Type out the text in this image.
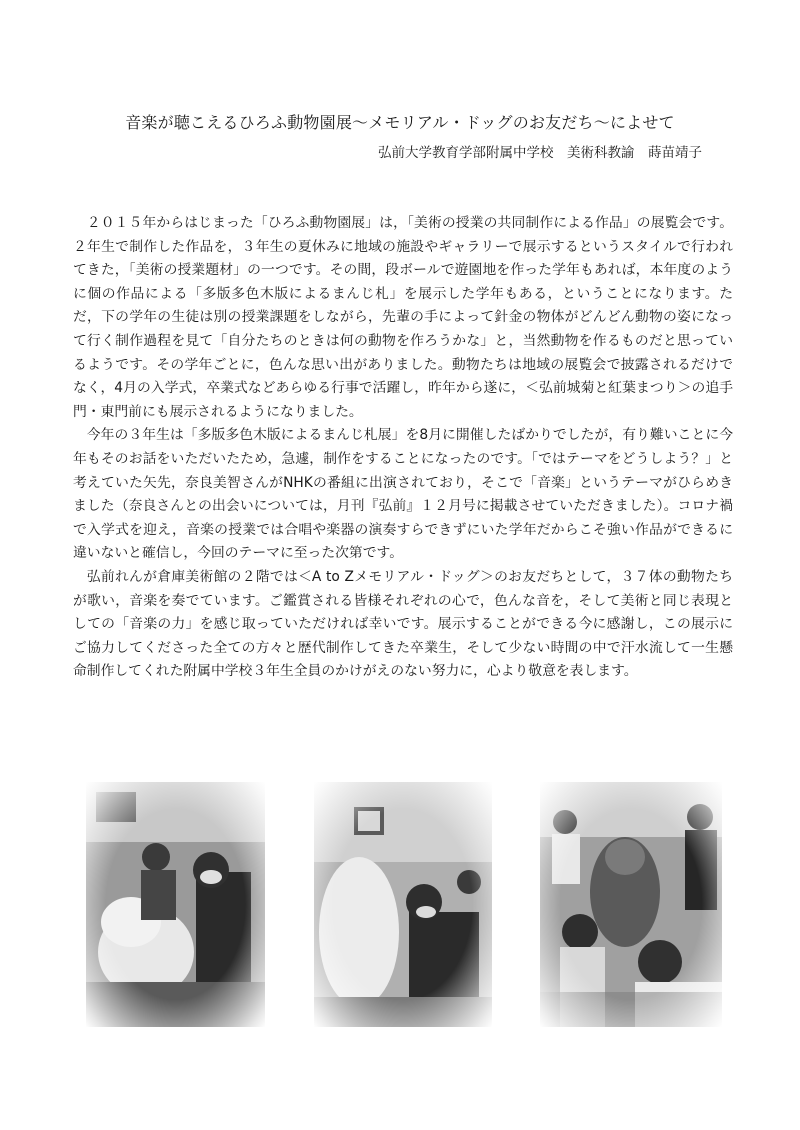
音楽が聴こえるひろふ動物園展〜メモリアル・ドッグのお友だち〜によせて
弘前大学教育学部附属中学校　美術科教諭　蒔苗靖子

２０１５年からはじまった「ひろふ動物園展」は，「美術の授業の共同制作による作品」の展覧会です。２年生で制作した作品を，３年生の夏休みに地域の施設やギャラリーで展示するというスタイルで行われてきた，「美術の授業題材」の一つです。その間，段ボールで遊園地を作った学年もあれば，本年度のように個の作品による「多版多色木版によるまんじ札」を展示した学年もある，ということになります。ただ，下の学年の生徒は別の授業課題をしながら，先輩の手によって針金の物体がどんどん動物の姿になって行く制作過程を見て「自分たちのときは何の動物を作ろうかな」と，当然動物を作るものだと思っているようです。その学年ごとに，色んな思い出がありました。動物たちは地域の展覧会で披露されるだけでなく，4月の入学式，卒業式などあらゆる行事で活躍し，昨年から遂に，＜弘前城菊と紅葉まつり＞の追手門・東門前にも展示されるようになりました。

今年の３年生は「多版多色木版によるまんじ札展」を8月に開催したばかりでしたが，有り難いことに今年もそのお話をいただいたため，急遽，制作をすることになったのです。「ではテーマをどうしよう？」と考えていた矢先，奈良美智さんがNHKの番組に出演されており，そこで「音楽」というテーマがひらめきました（奈良さんとの出会いについては，月刊『弘前』１２月号に掲載させていただきました）。コロナ禍で入学式を迎え，音楽の授業では合唱や楽器の演奏すらできずにいた学年だからこそ強い作品ができるに違いないと確信し，今回のテーマに至った次第です。

弘前れんが倉庫美術館の２階では＜A to Zメモリアル・ドッグ＞のお友だちとして，３７体の動物たちが歌い，音楽を奏でています。ご鑑賞される皆様それぞれの心で，色んな音を，そして美術と同じ表現としての「音楽の力」を感じ取っていただければ幸いです。展示することができる今に感謝し，この展示にご協力してくださった全ての方々と歴代制作してきた卒業生，そして少ない時間の中で汗水流して一生懸命制作してくれた附属中学校３年生全員のかけがえのない努力に，心より敬意を表します。
